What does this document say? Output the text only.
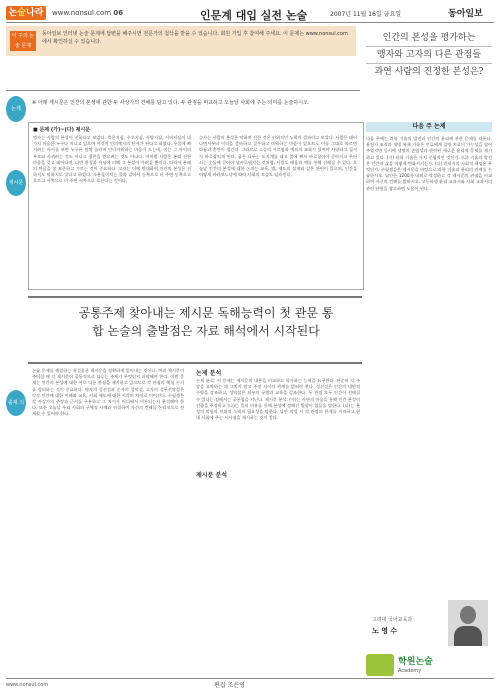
논술나라	www.nonsul.com 06	인문계 대입 실전 논술	2007년 11월 16일 금요일	동아일보
이 주의 논술 문제
동아일보 인터넷 논술 문제에 답변을 해주시면 전문가의 첨삭을 받을 수 있습니다. 회원 가입 후 참여해 주세요. 이 문제는 www.nonsul.com에서 확인하실 수 있습니다.	인간의 본성을 평가하는
맹자와 고자의 다른 관점들
과연 사람의 진정한 본성은?
논제
제시문
출제 의도
※ 아래 제시문은 인간의 본성에 관한 두 사상가의 견해를 담고 있다. 두 관점을 비교하고 오늘날 사회에 주는 의미를 논술하시오.
■ 문제 (가)~(다) 제시문
맹자는 사람의 본성이 선하다고 보았다. 측은지심, 수오지심, 사양지심, 시비지심의 네 가지 마음은 누구나 지니고 있으며 이것이 인의예지의 단서가 된다고 하였다. 우물에 빠지려는 아이를 보면 누구든 깜짝 놀라며 안타까워하는 마음이 드는데, 이는 그 아이의 부모와 사귀려는 것도 아니고 칭찬을 받으려는 것도 아니다. 이처럼 사람은 본래 선한 마음을 갖고 태어나며, 다만 환경과 욕심에 의해 그 본성이 가려질 뿐이다. 따라서 본래의 마음을 잘 보존하고 기르는 것이 중요하다. 고자는 이에 반대하여 인간의 본성은 선하지도 악하지도 않다고 하였다. 소용돌이치는 물과 같아서 동쪽으로 터 주면 동쪽으로 흐르고 서쪽으로 터 주면 서쪽으로 흐른다는 것이다.
순자는 사람의 본성은 악하며 선한 것은 인위적인 노력의 결과라고 보았다. 사람은 태어나면서부터 이익을 좋아하고 질투하고 미워하는 마음이 있으므로 이를 그대로 따르면 다툼과 혼란이 생긴다. 그러므로 스승의 가르침과 예의의 교화가 있어야 사양하고 질서가 바로잡히게 된다. 굽은 나무는 도지개를 대고 불에 쪄서 바로잡아야 곧아지고 무딘 쇠는 숫돌에 갈아야 날카로워지는 것처럼, 사람도 배움과 예를 통해 선해질 수 있다. 오늘날 인간의 본성에 대한 논의는 교육, 법, 제도의 설계와 깊은 관련이 있으며, 인간을 어떻게 바라보느냐에 따라 사회의 모습도 달라진다.
공통주제 찾아내는 제시문 독해능력이 첫 관문 통합 논술의 출발점은 자료 해석에서 시작된다
논술 문제를 해결하는 첫걸음은 제시문을 정확하게 읽어내는 것이다. 여러 제시문이 주어질 때 각 제시문이 공통적으로 다루는 주제가 무엇인지 파악해야 한다. 이번 문제는 인간의 본성에 대한 서로 다른 관점을 제시하고 있으므로 각 관점의 핵심 논거를 정리하는 것이 중요하다. 맹자의 성선설과 순자의 성악설, 고자의 성무선악설은 각각 인간에 대한 이해와 교육, 사회 제도에 대한 시각의 차이로 이어진다. 수험생은 각 사상가의 주장과 근거를 구분하고 그 차이가 어디에서 비롯되는지 분석해야 한다. 또한 오늘날 우리 사회의 구체적 사례와 연결하여 자신의 견해를 논리적으로 전개할 수 있어야 한다.
논제 분석
논제 분석: 이 문제는 제시문의 내용을 비교하고 평가하는 능력을 요구한다. 단순히 각 주장을 요약하는 데 그치지 말고 주장 사이의 관계를 밝혀야 한다. 성선설은 인간의 내면적 수양을 강조하고, 성악설은 외부의 규범과 교육을 강조한다. 두 관점 모두 인간이 선해질 수 있다는 점에서는 공통점을 지닌다. 제시문 분석: (가)는 사단의 마음을 통해 인간 본성이 선함을 주장하고 (나)는 물의 비유를 통해 본성에 정해진 방향이 없음을 말한다. (다)는 본성의 악함과 인위적 노력의 필요성을 말한다. 답안 작성 시 각 관점의 한계를 지적하고 현대 사회에 주는 시사점을 제시하는 것이 좋다.
제시문 분석
다음 주 논제
다음 주에는 과학 기술의 발전과 인간의 윤리에 관한 문제를 다룬다. 유전자 조작과 생명 복제 기술은 인류에게 질병 치료의 가능성을 열어 주었지만 동시에 생명의 존엄성과 관련된 새로운 윤리적 문제를 제기하고 있다. (가) 과학 기술은 가치 중립적인 것인가. (나) 기술의 발전은 인간의 삶을 어떻게 변화시키는가. (다) 과학자의 사회적 책임은 무엇인가. 수험생들은 제시문을 바탕으로 과학 기술과 윤리의 관계를 논술하시오. 답안은 1200자 내외로 작성하고 각 제시문의 관점을 비교하여 자신의 견해를 밝히시오. 고등학생 윤리 교과서와 사회 교과서의 관련 단원을 참고하면 도움이 된다.
고려대 국어교육과
노 영 수
학원논술
Academy
www.nonsul.com	편집 조은영
